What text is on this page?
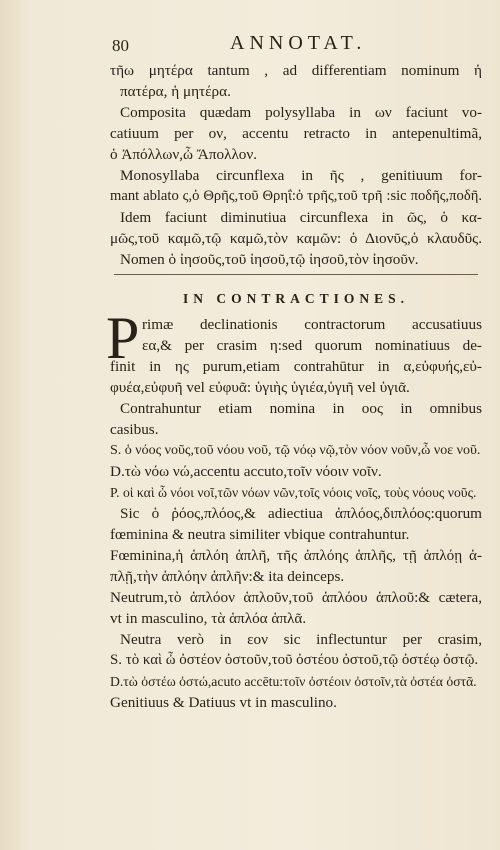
80	ANNOTAT.
τῆω μητέρα tantum , ad differentiam nominum ἡ
πατέρα, ἡ μητέρα.
Composita quædam polysyllaba in ων faciunt vo-
catiuum per ον, accentu retracto in antepenultimã,
ὁ Ἀπόλλων,ὦ Ἄπολλον.
Monosyllaba circunflexa in ῆς , genitiuum for-
mant ablato ς,ὁ Θρῆς,τοῦ Θρηΐ:ὁ τρῆς,τοῦ τρῆ :sic πoδῆς,πoδῆ.
Idem faciunt diminutiua circunflexa in ῶς, ὁ κα-
μῶς,τοῦ καμῶ,τῷ καμῶ,τὸν καμῶν: ὁ Διονῦς,ὁ κλαυδῦς.
Nomen ὁ ἰησοῦς,τοῦ ἰησοῦ,τῷ ἰησοῦ,τὸν ἰησοῦν.
IN CONTRACTIONES.
P rimæ declinationis contractorum accusatiuus
εα,& per crasim η:sed quorum nominatiuus de-
finit in ης purum,etiam contrahūtur in α,εὐφυής,εὐ-
φυέα,εὐφυῆ vel εὐφυᾶ: ὑγιὴς ὑγιέα,ὑγιῆ vel ὑγιᾶ.
Contrahuntur etiam nomina in οος in omnibus
casibus.
S. ὁ νόος νοῦς,τοῦ νόου νοῦ, τῷ νόῳ νῷ,τὸν νόον νοῦν,ὦ νοε νοῦ.
D.τὼ νόω νώ,accentu accuto,τοῖν νόοιν νοῖν.
P. οἱ καὶ ὦ νόοι νοῖ,τῶν νόων νῶν,τοῖς νόοις νοῖς, τοὺς νόους νοῦς.
Sic ὁ ῥόος,πλόος,& adiectiua ἁπλόος,διπλόος:quorum
fœminina & neutra similiter vbique contrahuntur.
Fœminina,ἡ ἁπλόη ἁπλῆ, τῆς ἁπλόης ἁπλῆς, τῇ ἁπλόῃ ἁ-
πλῇ,τὴν ἁπλόην ἁπλῆν:& ita deinceps.
Neutrum,τὸ ἁπλόον ἁπλοῦν,τοῦ ἁπλόου ἁπλοῦ:& cætera,
vt in masculino, τὰ ἁπλόα ἁπλᾶ.
Neutra verò in εον sic inflectuntur per crasim,
S. τὸ καὶ ὦ ὀστέον ὀστοῦν,τοῦ ὀστέου ὀστοῦ,τῷ ὀστέῳ ὀστῷ.
D.τὼ ὀστέω ὀστώ,acuto accētu:τοῖν ὀστέοιν ὀστοῖν,τὰ ὀστέα ὀστᾶ.
Genitiuus & Datiuus vt in masculino.
